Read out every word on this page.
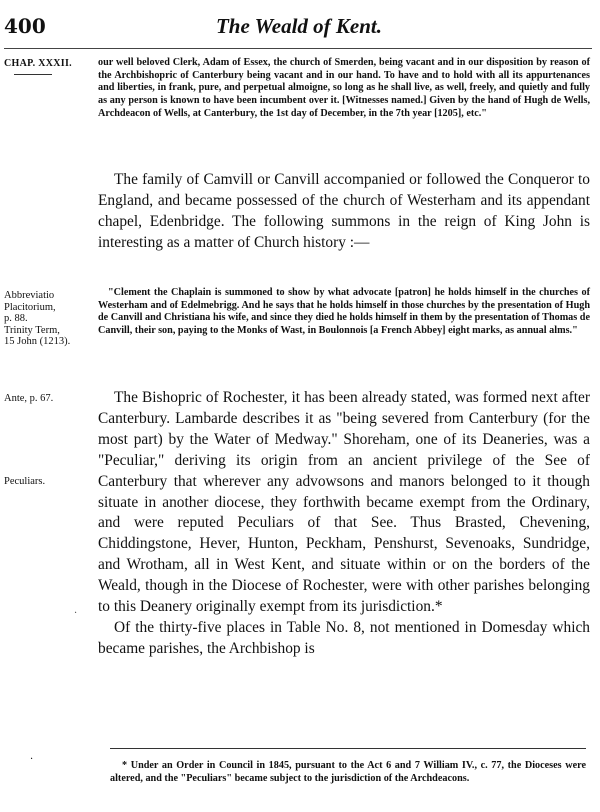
400	The Weald of Kent.
CHAP. XXXII.	our well beloved Clerk, Adam of Essex, the church of Smerden, being vacant and in our disposition by reason of the Archbishopric of Canterbury being vacant and in our hand. To have and to hold with all its appurtenances and liberties, in frank, pure, and perpetual almoigne, so long as he shall live, as well, freely, and quietly and fully as any person is known to have been incumbent over it. [Witnesses named.] Given by the hand of Hugh de Wells, Archdeacon of Wells, at Canterbury, the 1st day of December, in the 7th year [1205], etc."

The family of Camvill or Canvill accompanied or followed the Conqueror to England, and became possessed of the church of Westerham and its appendant chapel, Edenbridge. The following summons in the reign of King John is interesting as a matter of Church history :—

Abbreviatio
Placitorium,
p. 88.
Trinity Term,
15 John (1213).

"Clement the Chaplain is summoned to show by what advocate [patron] he holds himself in the churches of Westerham and of Edelmebrigg. And he says that he holds himself in those churches by the presentation of Hugh de Canvill and Christiana his wife, and since they died he holds himself in them by the presentation of Thomas de Canvill, their son, paying to the Monks of Wast, in Boulonnois [a French Abbey] eight marks, as annual alms."

Ante, p. 67.
Peculiars.

The Bishopric of Rochester, it has been already stated, was formed next after Canterbury. Lambarde describes it as "being severed from Canterbury (for the most part) by the Water of Medway." Shoreham, one of its Deaneries, was a "Peculiar," deriving its origin from an ancient privilege of the See of Canterbury that wherever any advowsons and manors belonged to it though situate in another diocese, they forthwith became exempt from the Ordinary, and were reputed Peculiars of that See. Thus Brasted, Chevening, Chiddingstone, Hever, Hunton, Peckham, Penshurst, Sevenoaks, Sundridge, and Wrotham, all in West Kent, and situate within or on the borders of the Weald, though in the Diocese of Rochester, were with other parishes belonging to this Deanery originally exempt from its jurisdiction.*

Of the thirty-five places in Table No. 8, not mentioned in Domesday which became parishes, the Archbishop is

·
·

* Under an Order in Council in 1845, pursuant to the Act 6 and 7 William IV., c. 77, the Dioceses were altered, and the "Peculiars" became subject to the jurisdiction of the Archdeacons.
